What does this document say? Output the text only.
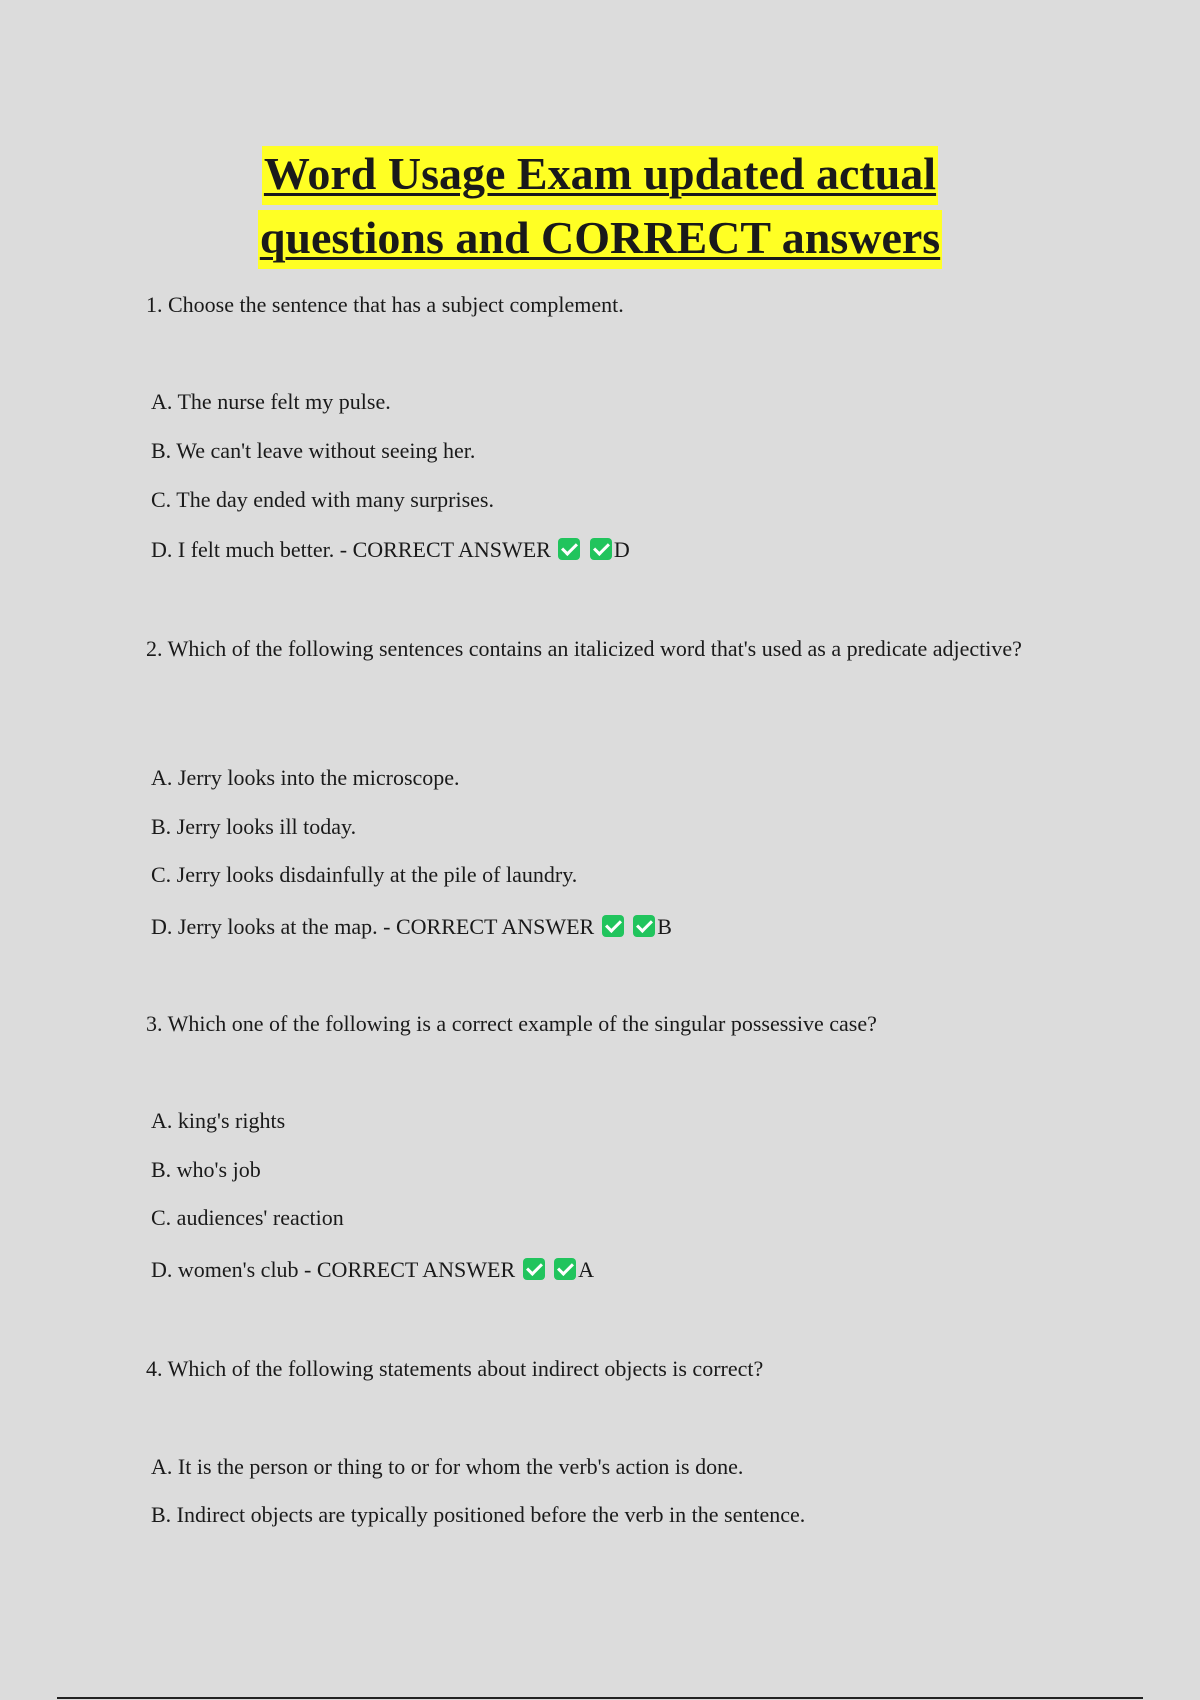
Word Usage Exam updated actual
questions and CORRECT answers
1. Choose the sentence that has a subject complement.
A. The nurse felt my pulse.
B. We can't leave without seeing her.
C. The day ended with many surprises.
D. I felt much better. - CORRECT ANSWER	D
2. Which of the following sentences contains an italicized word that's used as a predicate adjective?
A. Jerry looks into the microscope.
B. Jerry looks ill today.
C. Jerry looks disdainfully at the pile of laundry.
D. Jerry looks at the map. - CORRECT ANSWER	B
3. Which one of the following is a correct example of the singular possessive case?
A. king's rights
B. who's job
C. audiences' reaction
D. women's club - CORRECT ANSWER	A
4. Which of the following statements about indirect objects is correct?
A. It is the person or thing to or for whom the verb's action is done.
B. Indirect objects are typically positioned before the verb in the sentence.
